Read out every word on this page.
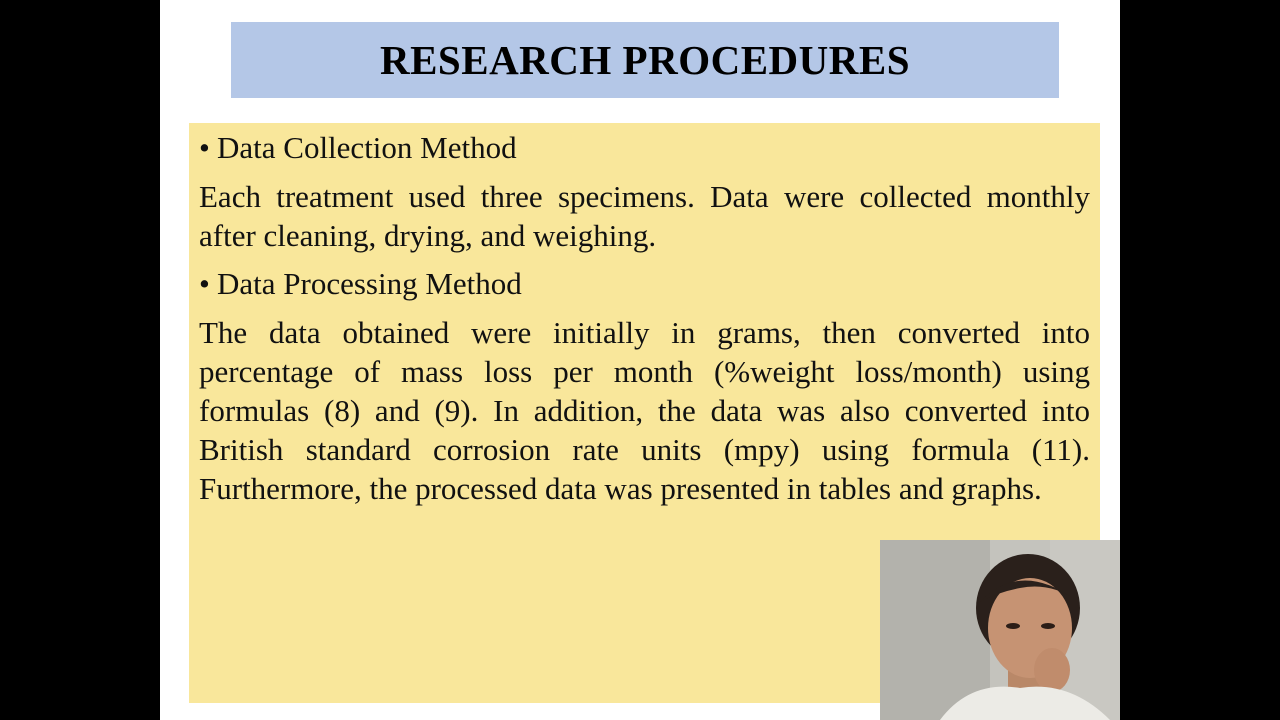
RESEARCH PROCEDURES
• Data Collection Method

Each treatment used three specimens. Data were collected monthly after cleaning, drying, and weighing.

• Data Processing Method

The data obtained were initially in grams, then converted into percentage of mass loss per month (%weight loss/month) using formulas (8) and (9). In addition, the data was also converted into British standard corrosion rate units (mpy) using formula (11). Furthermore, the processed data was presented in tables and graphs.
